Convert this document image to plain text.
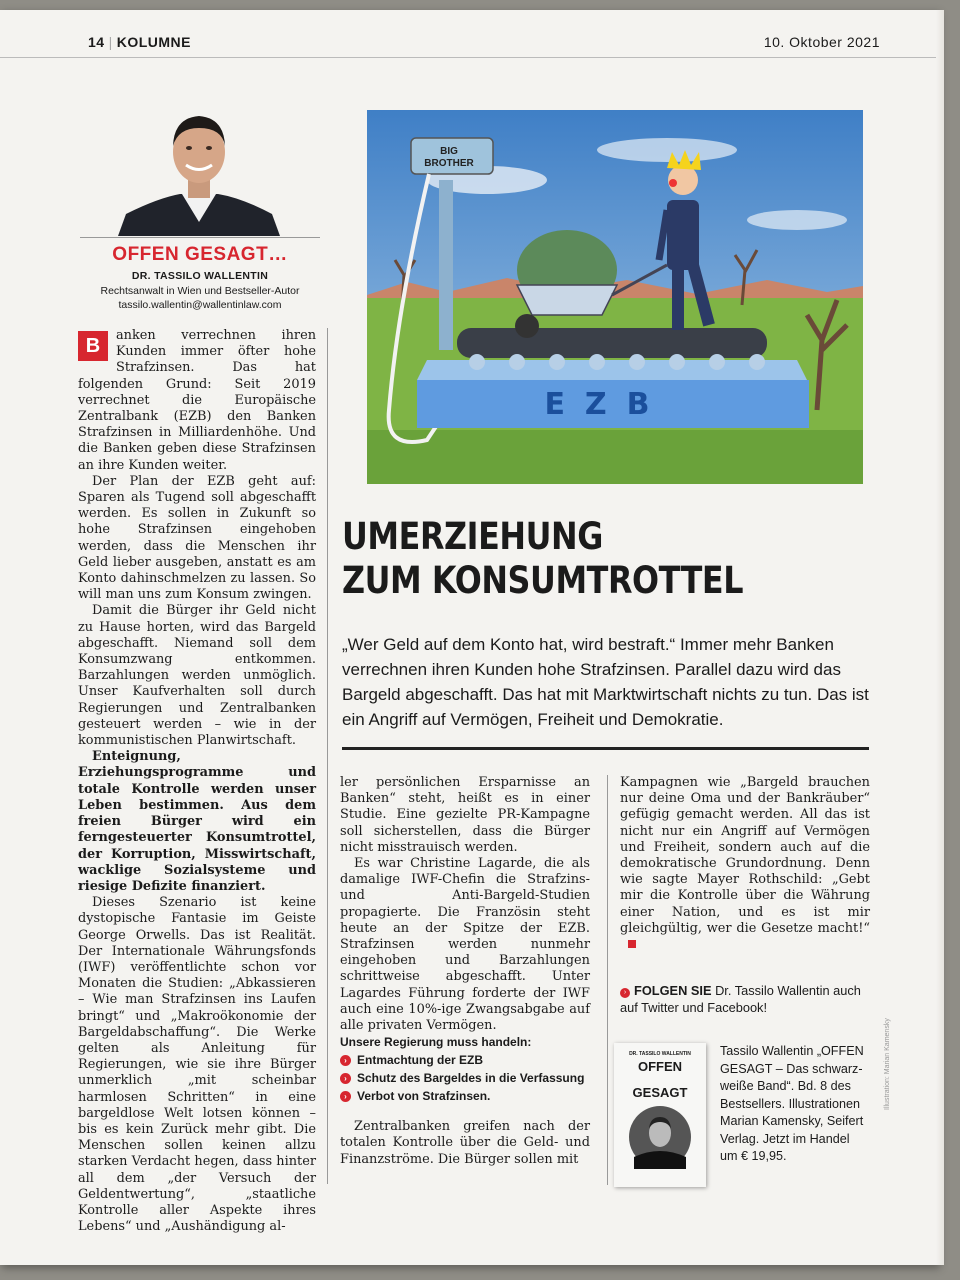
14 | KOLUMNE	10. Oktober 2021
OFFEN GESAGT…
DR. TASSILO WALLENTIN
Rechtsanwalt in Wien und Bestseller-Autor
tassilo.wallentin@wallentinlaw.com

B	anken verrechnen ihren Kunden immer öfter hohe Strafzinsen. Das hat folgenden Grund: Seit 2019 verrechnet die Europäische Zentralbank (EZB) den Banken Strafzinsen in Milliardenhöhe. Und die Banken geben diese Strafzinsen an ihre Kunden weiter.

Der Plan der EZB geht auf: Sparen als Tugend soll abgeschafft werden. Es sollen in Zukunft so hohe Strafzinsen eingehoben werden, dass die Menschen ihr Geld lieber ausgeben, anstatt es am Konto dahinschmelzen zu lassen. So will man uns zum Konsum zwingen.

Damit die Bürger ihr Geld nicht zu Hause horten, wird das Bargeld abgeschafft. Niemand soll dem Konsumzwang entkommen. Barzahlungen werden unmöglich. Unser Kaufverhalten soll durch Regierungen und Zentralbanken gesteuert werden – wie in der kommunistischen Planwirtschaft.

Enteignung, Erziehungsprogramme und totale Kontrolle werden unser Leben bestimmen. Aus dem freien Bürger wird ein ferngesteuerter Konsumtrottel, der Korruption, Misswirtschaft, wacklige Sozialsysteme und riesige Defizite finanziert.

Dieses Szenario ist keine dystopische Fantasie im Geiste George Orwells. Das ist Realität. Der Internationale Währungsfonds (IWF) veröffentlichte schon vor Monaten die Studien: „Abkassieren – Wie man Strafzinsen ins Laufen bringt“ und „Makroökonomie der Bargeldabschaffung“. Die Werke gelten als Anleitung für Regierungen, wie sie ihre Bürger unmerklich „mit scheinbar harmlosen Schritten“ in eine bargeldlose Welt lotsen können – bis es kein Zurück mehr gibt. Die Menschen sollen keinen allzu starken Verdacht hegen, dass hinter all dem „der Versuch der Geldentwertung“, „staatliche Kontrolle aller Aspekte ihres Lebens“ und „Aushändigung al-

BIG
BROTHER
EZB
UMERZIEHUNG
ZUM KONSUMTROTTEL
„Wer Geld auf dem Konto hat, wird bestraft.“ Immer mehr Banken verrechnen ihren Kunden hohe Strafzinsen. Parallel dazu wird das Bargeld abgeschafft. Das hat mit Marktwirtschaft nichts zu tun. Das ist ein Angriff auf Vermögen, Freiheit und Demokratie.

ler persönlichen Ersparnisse an Banken“ steht, heißt es in einer Studie. Eine gezielte PR-Kampagne soll sicherstellen, dass die Bürger nicht misstrauisch werden.

Es war Christine Lagarde, die als damalige IWF-Chefin die Strafzins- und Anti-Bargeld-Studien propagierte. Die Französin steht heute an der Spitze der EZB. Strafzinsen werden nunmehr eingehoben und Barzahlungen schrittweise abgeschafft. Unter Lagardes Führung forderte der IWF auch eine 10%-ige Zwangsabgabe auf alle privaten Vermögen.

Unsere Regierung muss handeln:

› Entmachtung der EZB

› Schutz des Bargeldes in die Verfassung

› Verbot von Strafzinsen.

Zentralbanken greifen nach der totalen Kontrolle über die Geld- und Finanzströme. Die Bürger sollen mit

Kampagnen wie „Bargeld brauchen nur deine Oma und der Bankräuber“ gefügig gemacht werden. All das ist nicht nur ein Angriff auf Vermögen und Freiheit, sondern auch auf die demokratische Grundordnung. Denn wie sagte Mayer Rothschild: „Gebt mir die Kontrolle über die Währung einer Nation, und es ist mir gleichgültig, wer die Gesetze macht!“

› FOLGEN SIE Dr. Tassilo Wallentin auch auf Twitter und Facebook!
DR. TASSILO WALLENTIN
OFFEN
GESAGT
Tassilo Wallentin „OFFEN GESAGT – Das schwarz-weiße Band“. Bd. 8 des Bestsellers. Illustrationen Marian Kamensky, Seifert Verlag. Jetzt im Handel um € 19,95.
Illustration: Marian Kamensky
